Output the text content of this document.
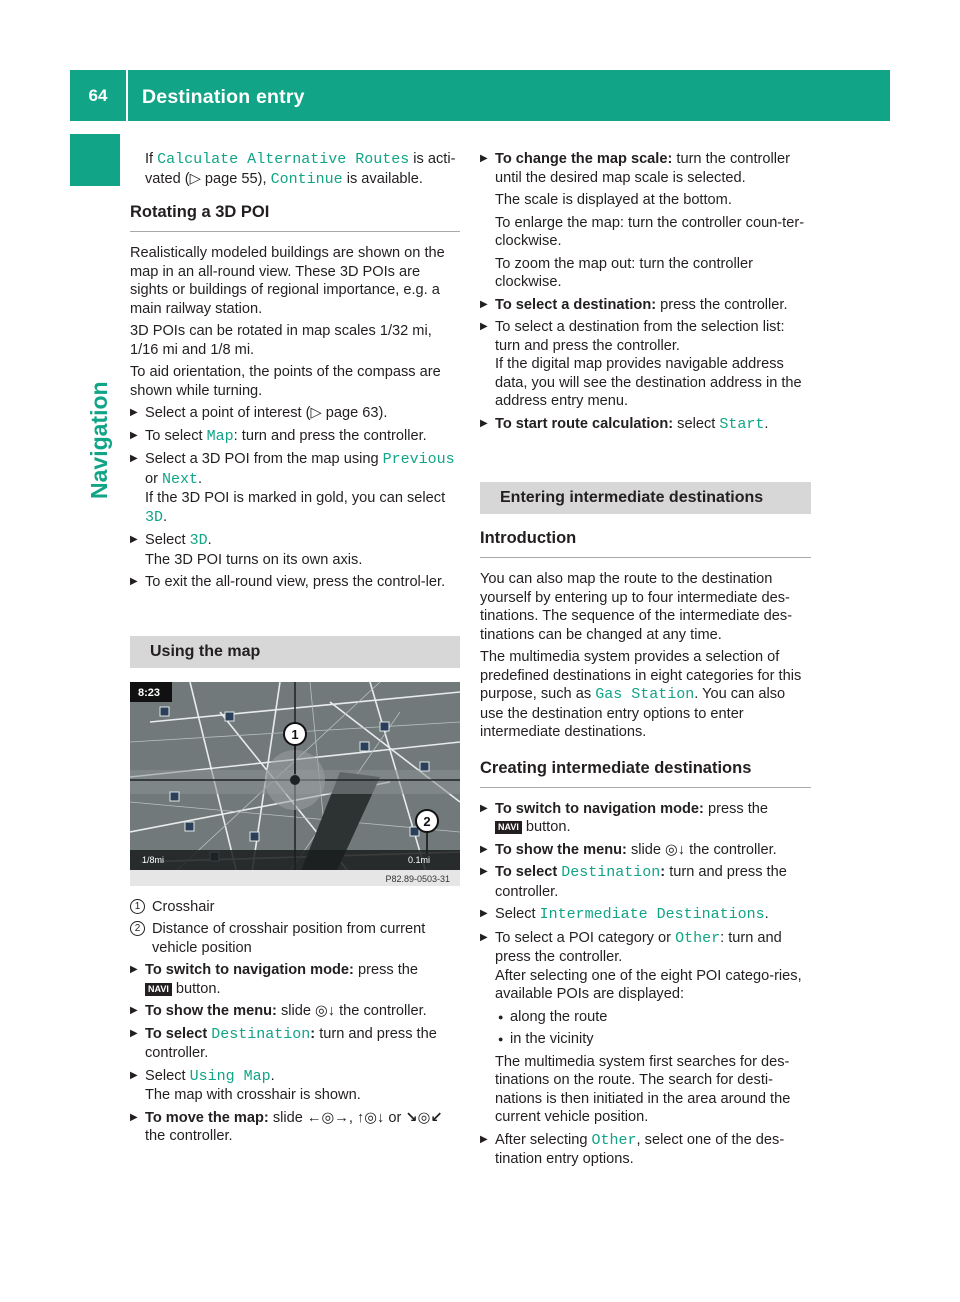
64	Destination entry
Navigation

If Calculate Alternative Routes is acti-
vated (▷ page 55), Continue is available.

Rotating a 3D POI

Realistically modeled buildings are shown on the map in an all-round view. These 3D POIs are sights or buildings of regional importance, e.g. a main railway station.

3D POIs can be rotated in map scales 1/32 mi, 1/16 mi and 1/8 mi.

To aid orientation, the points of the compass are shown while turning.

▶ Select a point of interest (▷ page 63).

▶ To select Map: turn and press the controller.

▶ Select a 3D POI from the map using Previous
or Next.
If the 3D POI is marked in gold, you can select
3D.

▶ Select 3D.
The 3D POI turns on its own axis.

▶ To exit the all-round view, press the control-ler.

Using the map
8:23
1
2
1/8mi	0.1mi
P82.89-0503-31
1 Crosshair
2 Distance of crosshair position from current vehicle position

▶ To switch to navigation mode: press the
NAVI button.

▶ To show the menu: slide ◎↓ the controller.

▶ To select Destination: turn and press the controller.

▶ Select Using Map.
The map with crosshair is shown.

▶ To move the map: slide ←◎→, ↑◎↓ or ↘◎↙
the controller.

▶ To change the map scale: turn the controller until the desired map scale is selected.

The scale is displayed at the bottom.

To enlarge the map: turn the controller coun-ter-clockwise.

To zoom the map out: turn the controller clockwise.

▶ To select a destination: press the controller.

▶ To select a destination from the selection list: turn and press the controller.
If the digital map provides navigable address data, you will see the destination address in the address entry menu.

▶ To start route calculation: select Start.

Entering intermediate destinations
Introduction

You can also map the route to the destination yourself by entering up to four intermediate des-tinations. The sequence of the intermediate des-tinations can be changed at any time.

The multimedia system provides a selection of predefined destinations in eight categories for this purpose, such as Gas Station. You can also use the destination entry options to enter intermediate destinations.

Creating intermediate destinations

▶ To switch to navigation mode: press the
NAVI button.

▶ To show the menu: slide ◎↓ the controller.

▶ To select Destination: turn and press the controller.

▶ Select Intermediate Destinations.

▶ To select a POI category or Other: turn and press the controller.
After selecting one of the eight POI catego-ries, available POIs are displayed:

● along the route

● in the vicinity

The multimedia system first searches for des-tinations on the route. The search for desti-nations is then initiated in the area around the current vehicle position.

▶ After selecting Other, select one of the des-tination entry options.
